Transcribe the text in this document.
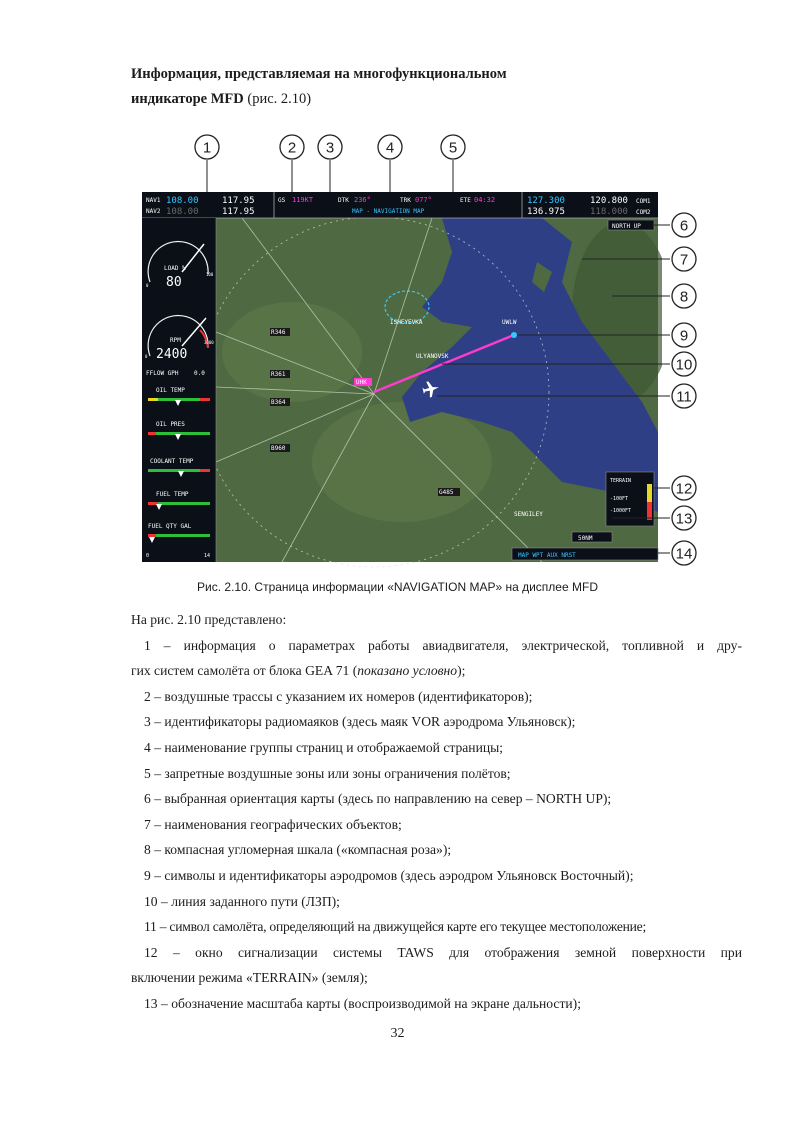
Информация, представляемая на многофункциональном
индикаторе MFD (рис. 2.10)
1	2 3	4	5
NAV1 108.00	117.95
NAV2 108.00	117.95
GS 119KT	DTK 236°	TRK 077°	ETE 04:32
MAP - NAVIGATION MAP
127.300	120.800 COM1
136.975	118.000 COM2
NORTH UP
LOAD %
80
0
100
RPM
2400
0
3000
FFLOW GPH	0.0
OIL TEMP
OIL PRES
COOLANT TEMP
FUEL TEMP
FUEL QTY GAL
0	14
R346
R361
B364
B960
G485
ISHEYEVKA
ULYANOVSK
SENGILEY
UWLW
UHK
TERRAIN
-100FT
-1000FT
50NM
MAP WPT AUX NRST
6
7
8
9
10
11
12
13
14
Рис. 2.10. Страница информации «NAVIGATION MAP» на дисплее MFD

На рис. 2.10 представлено:

1 – информация о параметрах работы авиадвигателя, электрической, топливной и дру-

гих систем самолёта от блока GEA 71 (показано условно);

2 – воздушные трассы с указанием их номеров (идентификаторов);

3 – идентификаторы радиомаяков (здесь маяк VOR аэродрома Ульяновск);

4 – наименование группы страниц и отображаемой страницы;

5 – запретные воздушные зоны или зоны ограничения полётов;

6 – выбранная ориентация карты (здесь по направлению на север – NORTH UP);

7 – наименования географических объектов;

8 – компасная угломерная шкала («компасная роза»);

9 – символы и идентификаторы аэродромов (здесь аэродром Ульяновск Восточный);

10 – линия заданного пути (ЛЗП);

11 – символ самолёта, определяющий на движущейся карте его текущее местоположение;

12 – окно сигнализации системы TAWS для отображения земной поверхности при

включении режима «TERRAIN» (земля);

13 – обозначение масштаба карты (воспроизводимой на экране дальности);

32
